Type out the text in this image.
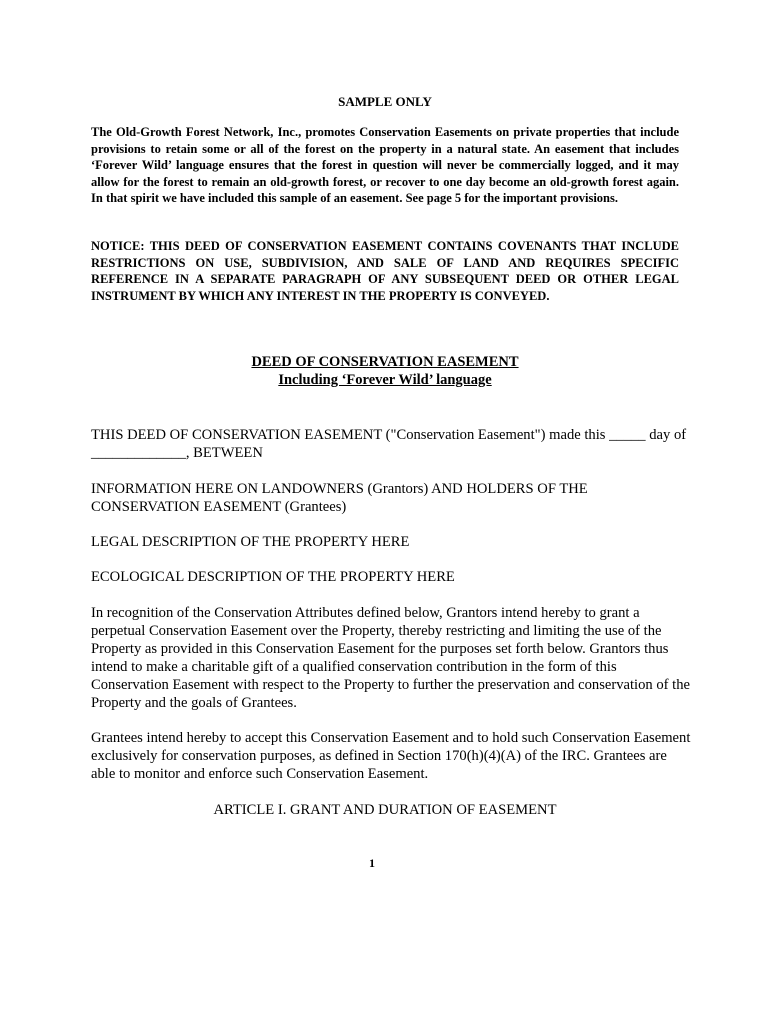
SAMPLE ONLY
The Old-Growth Forest Network, Inc., promotes Conservation Easements on private properties that include provisions to retain some or all of the forest on the property in a natural state. An easement that includes ‘Forever Wild’ language ensures that the forest in question will never be commercially logged, and it may allow for the forest to remain an old-growth forest, or recover to one day become an old-growth forest again. In that spirit we have included this sample of an easement. See page 5 for the important provisions.
NOTICE: THIS DEED OF CONSERVATION EASEMENT CONTAINS COVENANTS THAT INCLUDE RESTRICTIONS ON USE, SUBDIVISION, AND SALE OF LAND AND REQUIRES SPECIFIC REFERENCE IN A SEPARATE PARAGRAPH OF ANY SUBSEQUENT DEED OR OTHER LEGAL INSTRUMENT BY WHICH ANY INTEREST IN THE PROPERTY IS CONVEYED.
DEED OF CONSERVATION EASEMENT
Including ‘Forever Wild’ language
THIS DEED OF CONSERVATION EASEMENT ("Conservation Easement") made this _____ day of _____________, BETWEEN
INFORMATION HERE ON LANDOWNERS (Grantors) AND HOLDERS OF THE CONSERVATION EASEMENT (Grantees)
LEGAL DESCRIPTION OF THE PROPERTY HERE
ECOLOGICAL DESCRIPTION OF THE PROPERTY HERE
In recognition of the Conservation Attributes defined below, Grantors intend hereby to grant a perpetual Conservation Easement over the Property, thereby restricting and limiting the use of the Property as provided in this Conservation Easement for the purposes set forth below. Grantors thus intend to make a charitable gift of a qualified conservation contribution in the form of this Conservation Easement with respect to the Property to further the preservation and conservation of the Property and the goals of Grantees.
Grantees intend hereby to accept this Conservation Easement and to hold such Conservation Easement exclusively for conservation purposes, as defined in Section 170(h)(4)(A) of the IRC. Grantees are able to monitor and enforce such Conservation Easement.
ARTICLE I. GRANT AND DURATION OF EASEMENT
1
